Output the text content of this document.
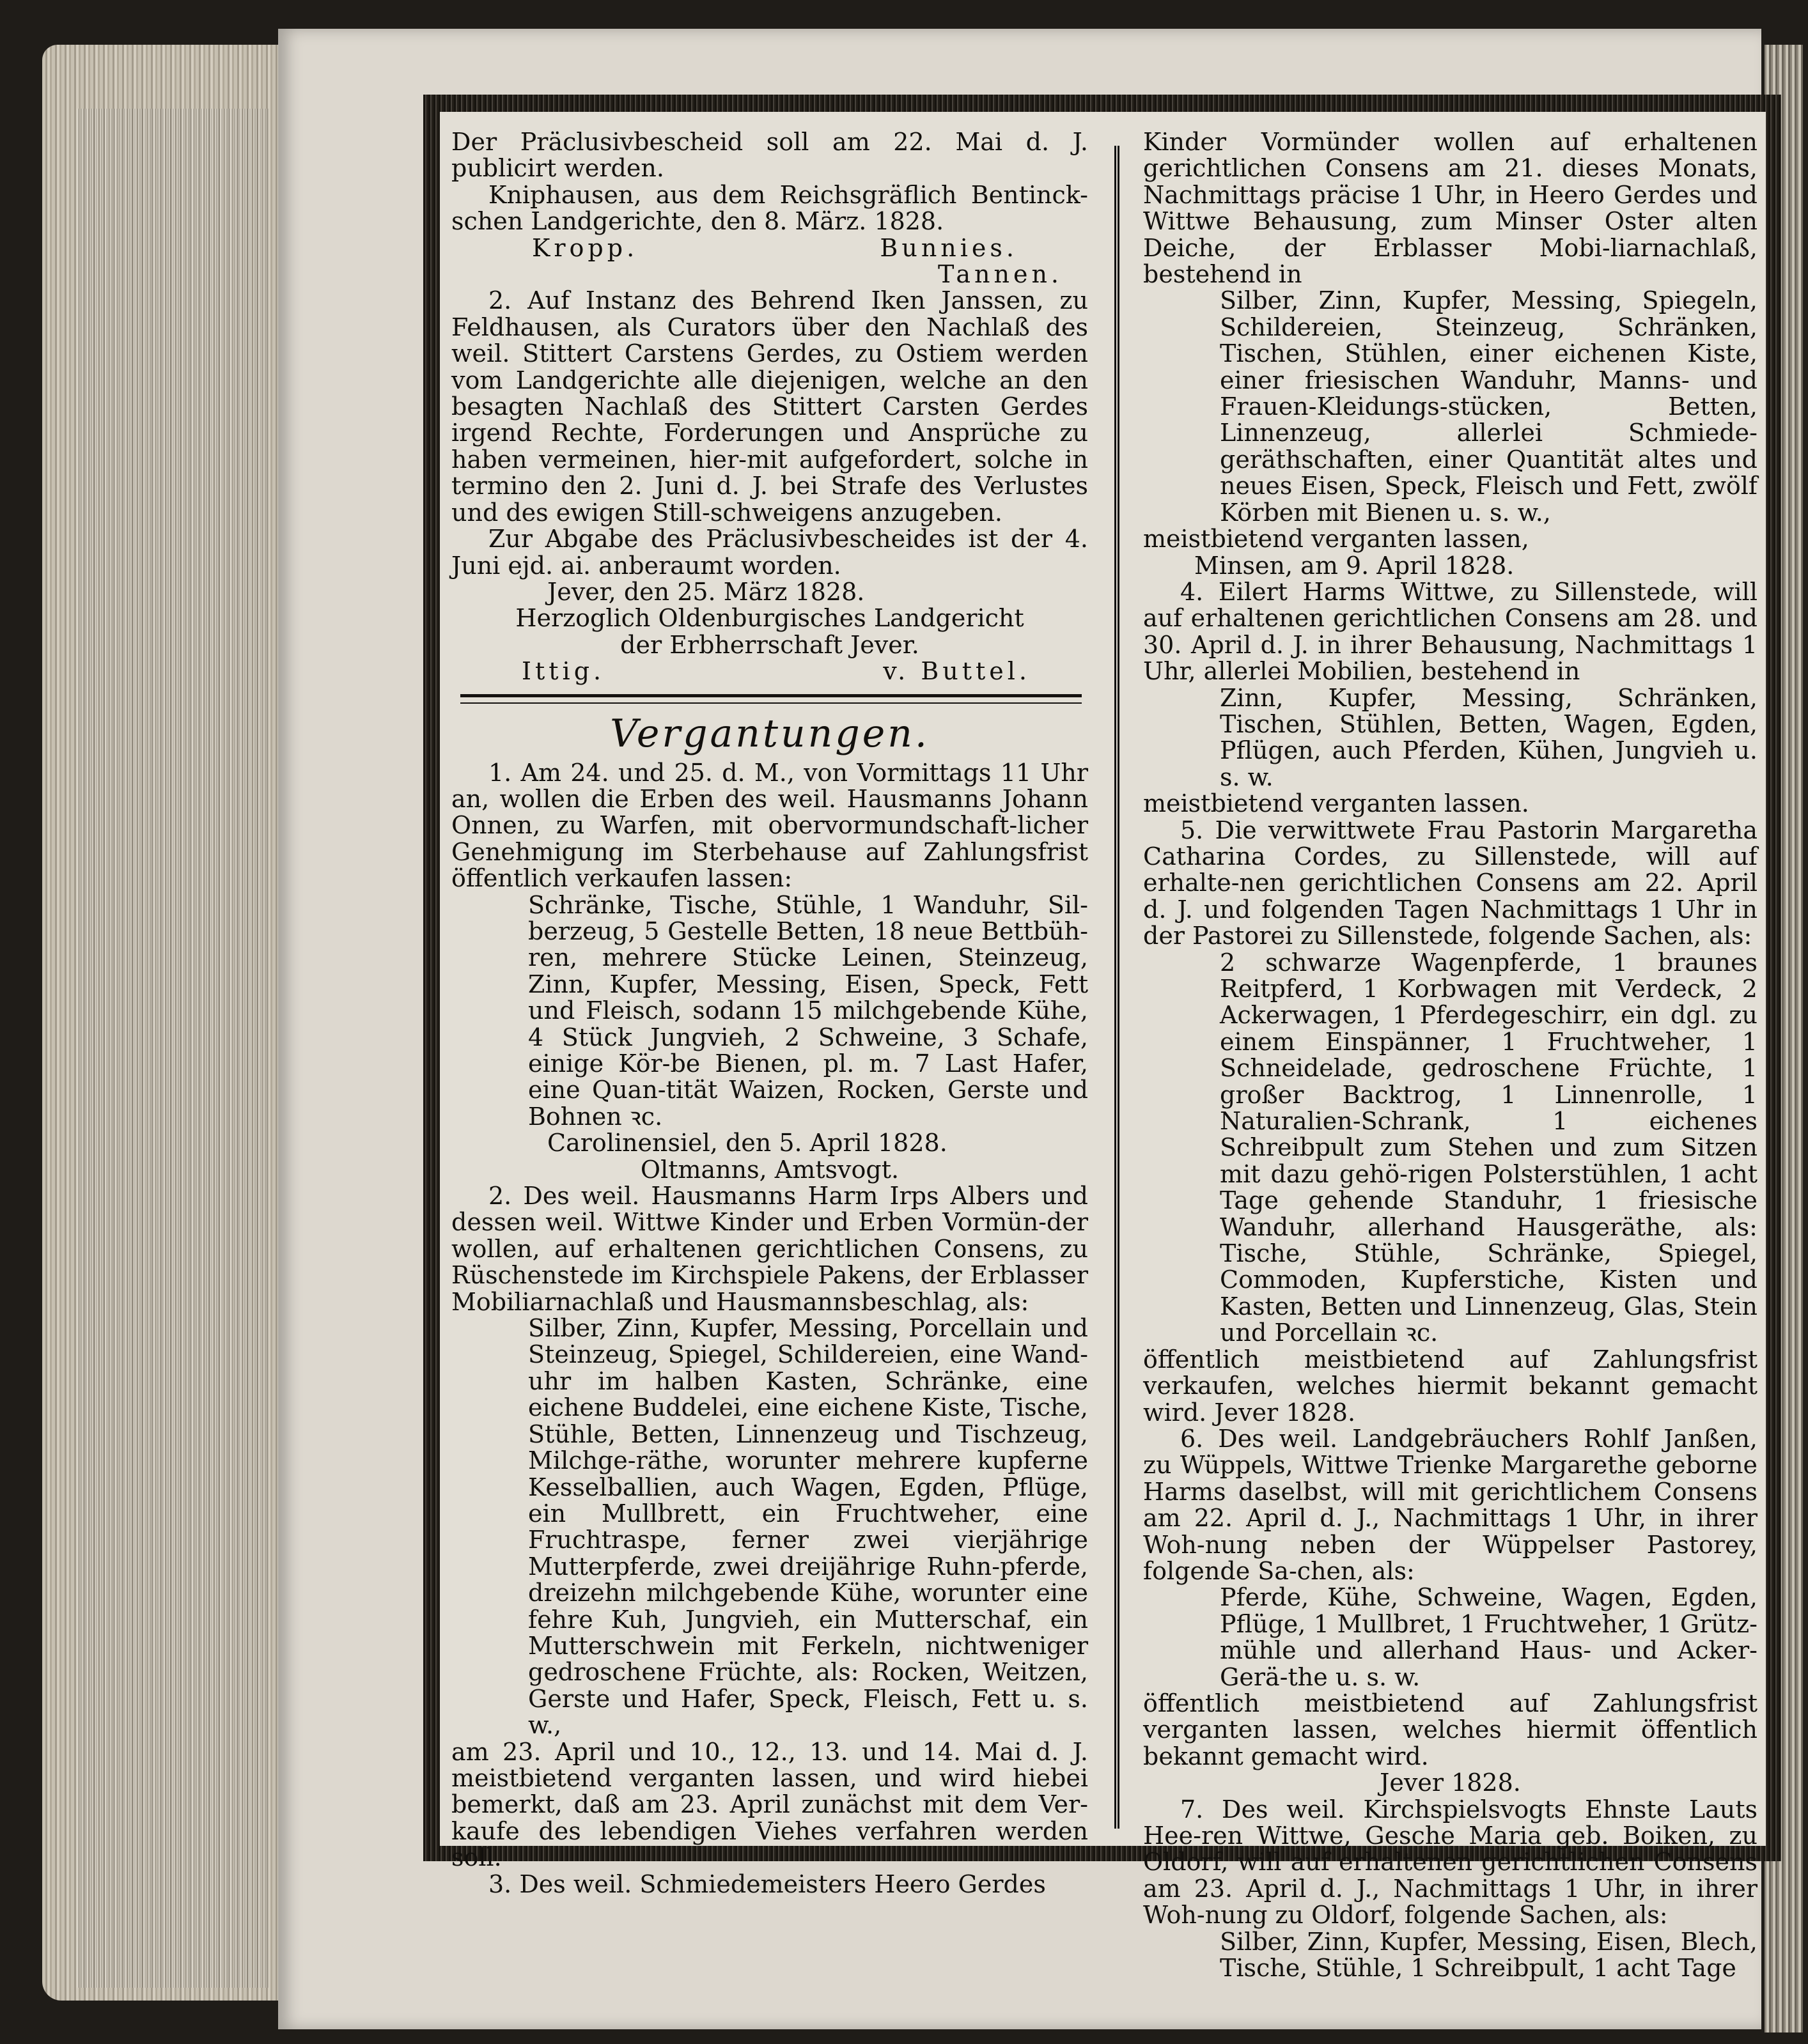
Der Präclusivbescheid soll am 22. Mai d. J. publicirt werden.

Kniphausen, aus dem Reichsgräflich Bentinck-schen Landgerichte, den 8. März. 1828.

Kropp.	Bunnies.

Tannen.

2. Auf Instanz des Behrend Iken Janssen, zu Feldhausen, als Curators über den Nachlaß des weil. Stittert Carstens Gerdes, zu Ostiem werden vom Landgerichte alle diejenigen, welche an den besagten Nachlaß des Stittert Carsten Gerdes irgend Rechte, Forderungen und Ansprüche zu haben vermeinen, hier-mit aufgefordert, solche in termino den 2. Juni d. J. bei Strafe des Verlustes und des ewigen Still-schweigens anzugeben.

Zur Abgabe des Präclusivbescheides ist der 4. Juni ejd. ai. anberaumt worden.

Jever, den 25. März 1828.

Herzoglich Oldenburgisches Landgericht

der Erbherrschaft Jever.

Ittig.	v. Buttel.
Vergantungen.

1. Am 24. und 25. d. M., von Vormittags 11 Uhr an, wollen die Erben des weil. Hausmanns Johann Onnen, zu Warfen, mit obervormundschaft-licher Genehmigung im Sterbehause auf Zahlungsfrist öffentlich verkaufen lassen:

Schränke, Tische, Stühle, 1 Wanduhr, Sil-berzeug, 5 Gestelle Betten, 18 neue Bettbüh-ren, mehrere Stücke Leinen, Steinzeug, Zinn, Kupfer, Messing, Eisen, Speck, Fett und Fleisch, sodann 15 milchgebende Kühe, 4 Stück Jungvieh, 2 Schweine, 3 Schafe, einige Kör-be Bienen, pl. m. 7 Last Hafer, eine Quan-tität Waizen, Rocken, Gerste und Bohnen ꝛc.

Carolinensiel, den 5. April 1828.

Oltmanns, Amtsvogt.

2. Des weil. Hausmanns Harm Irps Albers und dessen weil. Wittwe Kinder und Erben Vormün-der wollen, auf erhaltenen gerichtlichen Consens, zu Rüschenstede im Kirchspiele Pakens, der Erblasser Mobiliarnachlaß und Hausmannsbeschlag, als:

Silber, Zinn, Kupfer, Messing, Porcellain und Steinzeug, Spiegel, Schildereien, eine Wand-uhr im halben Kasten, Schränke, eine eichene Buddelei, eine eichene Kiste, Tische, Stühle, Betten, Linnenzeug und Tischzeug, Milchge-räthe, worunter mehrere kupferne Kesselballien, auch Wagen, Egden, Pflüge, ein Mullbrett, ein Fruchtweher, eine Fruchtraspe, ferner zwei vierjährige Mutterpferde, zwei dreijährige Ruhn-pferde, dreizehn milchgebende Kühe, worunter eine fehre Kuh, Jungvieh, ein Mutterschaf, ein Mutterschwein mit Ferkeln, nichtweniger gedroschene Früchte, als: Rocken, Weitzen, Gerste und Hafer, Speck, Fleisch, Fett u. s. w.,

am 23. April und 10., 12., 13. und 14. Mai d. J. meistbietend verganten lassen, und wird hiebei bemerkt, daß am 23. April zunächst mit dem Ver-kaufe des lebendigen Viehes verfahren werden soll.

3. Des weil. Schmiedemeisters Heero Gerdes

Kinder Vormünder wollen auf erhaltenen gerichtlichen Consens am 21. dieses Monats, Nachmittags präcise 1 Uhr, in Heero Gerdes und Wittwe Behausung, zum Minser Oster alten Deiche, der Erblasser Mobi-liarnachlaß, bestehend in

Silber, Zinn, Kupfer, Messing, Spiegeln, Schildereien, Steinzeug, Schränken, Tischen, Stühlen, einer eichenen Kiste, einer friesischen Wanduhr, Manns- und Frauen-Kleidungs-stücken, Betten, Linnenzeug, allerlei Schmiede-geräthschaften, einer Quantität altes und neues Eisen, Speck, Fleisch und Fett, zwölf Körben mit Bienen u. s. w.,

meistbietend verganten lassen,

Minsen, am 9. April 1828.

4. Eilert Harms Wittwe, zu Sillenstede, will auf erhaltenen gerichtlichen Consens am 28. und 30. April d. J. in ihrer Behausung, Nachmittags 1 Uhr, allerlei Mobilien, bestehend in

Zinn, Kupfer, Messing, Schränken, Tischen, Stühlen, Betten, Wagen, Egden, Pflügen, auch Pferden, Kühen, Jungvieh u. s. w.

meistbietend verganten lassen.

5. Die verwittwete Frau Pastorin Margaretha Catharina Cordes, zu Sillenstede, will auf erhalte-nen gerichtlichen Consens am 22. April d. J. und folgenden Tagen Nachmittags 1 Uhr in der Pastorei zu Sillenstede, folgende Sachen, als:

2 schwarze Wagenpferde, 1 braunes Reitpferd, 1 Korbwagen mit Verdeck, 2 Ackerwagen, 1 Pferdegeschirr, ein dgl. zu einem Einspänner, 1 Fruchtweher, 1 Schneidelade, gedroschene Früchte, 1 großer Backtrog, 1 Linnenrolle, 1 Naturalien-Schrank, 1 eichenes Schreibpult zum Stehen und zum Sitzen mit dazu gehö-rigen Polsterstühlen, 1 acht Tage gehende Standuhr, 1 friesische Wanduhr, allerhand Hausgeräthe, als: Tische, Stühle, Schränke, Spiegel, Commoden, Kupferstiche, Kisten und Kasten, Betten und Linnenzeug, Glas, Stein und Porcellain ꝛc.

öffentlich meistbietend auf Zahlungsfrist verkaufen, welches hiermit bekannt gemacht wird. Jever 1828.

6. Des weil. Landgebräuchers Rohlf Janßen, zu Wüppels, Wittwe Trienke Margarethe geborne Harms daselbst, will mit gerichtlichem Consens am 22. April d. J., Nachmittags 1 Uhr, in ihrer Woh-nung neben der Wüppelser Pastorey, folgende Sa-chen, als:

Pferde, Kühe, Schweine, Wagen, Egden, Pflüge, 1 Mullbret, 1 Fruchtweher, 1 Grütz-mühle und allerhand Haus- und Acker-Gerä-the u. s. w.

öffentlich meistbietend auf Zahlungsfrist verganten lassen, welches hiermit öffentlich bekannt gemacht wird.

Jever 1828.

7. Des weil. Kirchspielsvogts Ehnste Lauts Hee-ren Wittwe, Gesche Maria geb. Boiken, zu Oldorf, will auf erhaltenen gerichtlichen Consens am 23. April d. J., Nachmittags 1 Uhr, in ihrer Woh-nung zu Oldorf, folgende Sachen, als:

Silber, Zinn, Kupfer, Messing, Eisen, Blech, Tische, Stühle, 1 Schreibpult, 1 acht Tage
